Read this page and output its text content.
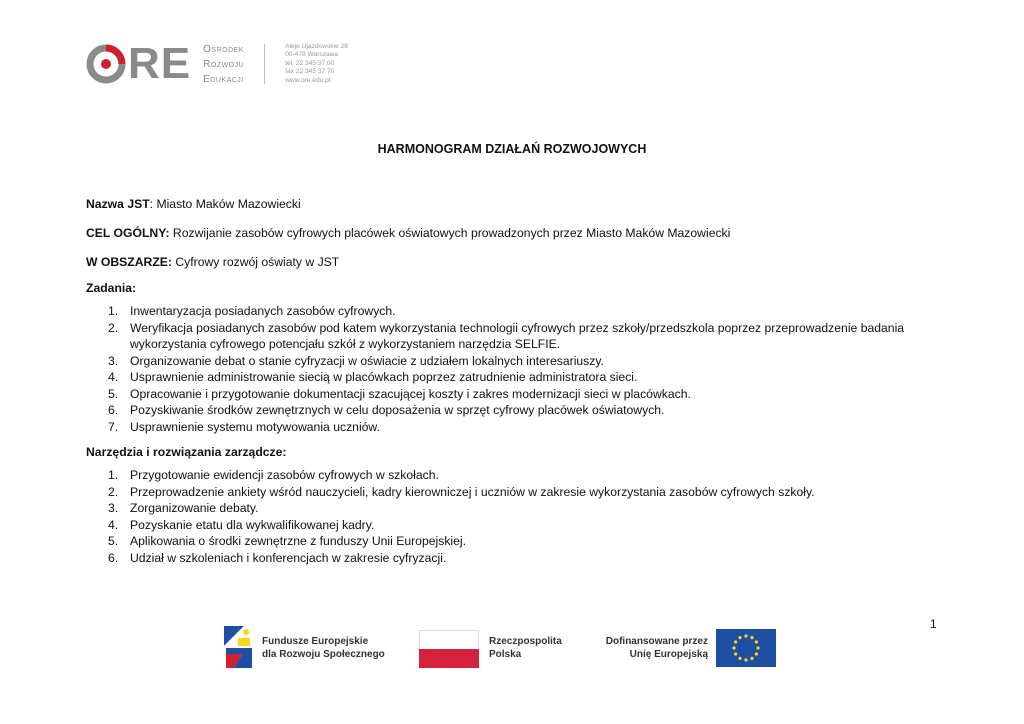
RE Ośrodek
Rozwoju
Edukacji
Aleje Ujazdowskie 28
00-478 Warszawa
tel. 22 345 37 00
fax 22 345 37 70
www.ore.edu.pl
HARMONOGRAM DZIAŁAŃ ROZWOJOWYCH
Nazwa JST: Miasto Maków Mazowiecki
CEL OGÓLNY: Rozwijanie zasobów cyfrowych placówek oświatowych prowadzonych przez Miasto Maków Mazowiecki
W OBSZARZE: Cyfrowy rozwój oświaty w JST
Zadania:
1. Inwentaryzacja posiadanych zasobów cyfrowych.
2. Weryfikacja posiadanych zasobów pod katem wykorzystania technologii cyfrowych przez szkoły/przedszkola poprzez przeprowadzenie badania wykorzystania cyfrowego potencjału szkół z wykorzystaniem narzędzia SELFIE.
3. Organizowanie debat o stanie cyfryzacji w oświacie z udziałem lokalnych interesariuszy.
4. Usprawnienie administrowanie siecią w placówkach poprzez zatrudnienie administratora sieci.
5. Opracowanie i przygotowanie dokumentacji szacującej koszty i zakres modernizacji sieci w placówkach.
6. Pozyskiwanie środków zewnętrznych w celu doposażenia w sprzęt cyfrowy placówek oświatowych.
7. Usprawnienie systemu motywowania uczniów.
Narzędzia i rozwiązania zarządcze:
1. Przygotowanie ewidencji zasobów cyfrowych w szkołach.
2. Przeprowadzenie ankiety wśród nauczycieli, kadry kierowniczej i uczniów w zakresie wykorzystania zasobów cyfrowych szkoły.
3. Zorganizowanie debaty.
4. Pozyskanie etatu dla wykwalifikowanej kadry.
5. Aplikowania o środki zewnętrzne z funduszy Unii Europejskiej.
6. Udział w szkoleniach i konferencjach w zakresie cyfryzacji.
1
Fundusze Europejskie
dla Rozwoju Społecznego
Rzeczpospolita
Polska
Dofinansowane przez
Unię Europejską
